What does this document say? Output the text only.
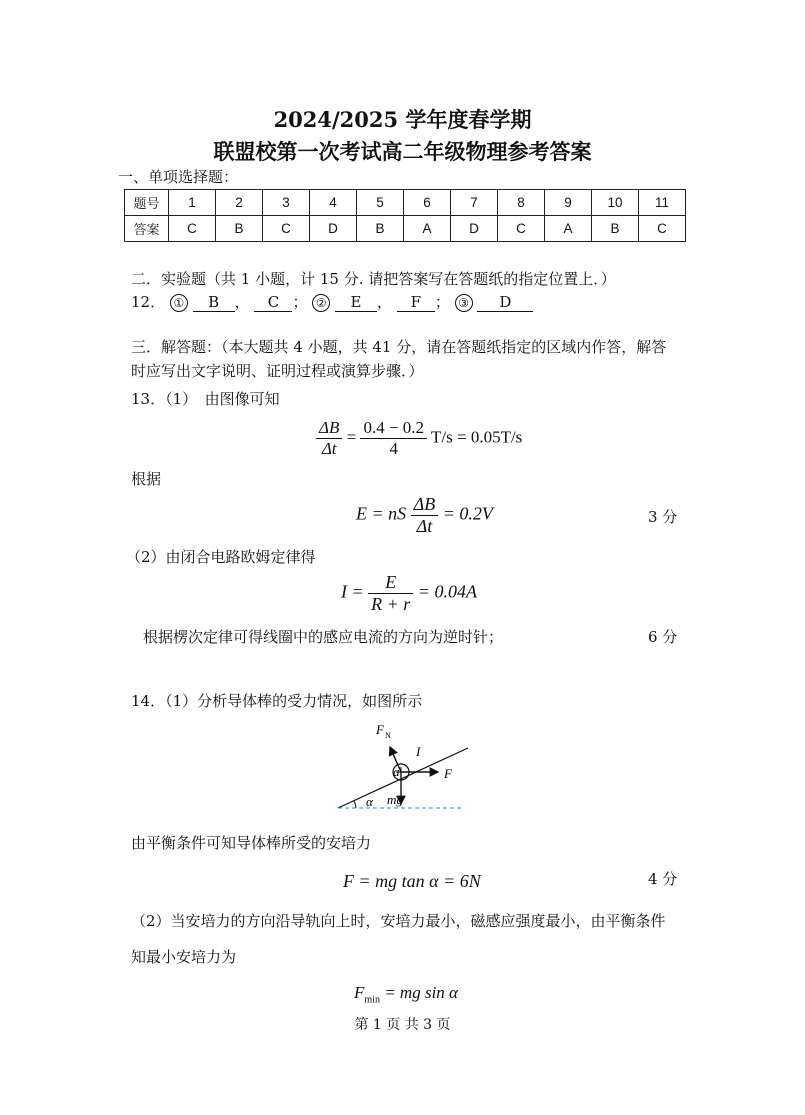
2024/2025 学年度春学期
联盟校第一次考试高二年级物理参考答案
一、单项选择题：
题号	1	2	3	4	5	6	7	8	9	10	11
答案	C	B	C	D	B	A	D	C	A	B	C
二．实验题（共 1 小题，计 15 分. 请把答案写在答题纸的指定位置上．）
12． ① B ， C ； ② E ， F ； ③ D
三．解答题：（本大题共 4 小题，共 41 分，请在答题纸指定的区域内作答，解答
时应写出文字说明、证明过程或演算步骤．）
13．（1）　由图像可知
$\frac{\Delta B}{\Delta t} = \frac{0.4 - 0.2}{4} T/s = 0.05T/s$
根据
E = nS $\frac{\Delta B}{\Delta t} = 0.2V$	3 分
（2）由闭合电路欧姆定律得
$I = \frac{E}{R + r} = 0.04A$
根据楞次定律可得线圈中的感应电流的方向为逆时针；	6 分
14．（1）分析导体棒的受力情况，如图所示
F N
I
a	F
mg
α
由平衡条件可知导体棒所受的安培力
F = mg tan α = 6N	4 分
（2）当安培力的方向沿导轨向上时，安培力最小，磁感应强度最小，由平衡条件
知最小安培力为
$F_{min}$ = mg sin α
第 1 页 共 3 页
